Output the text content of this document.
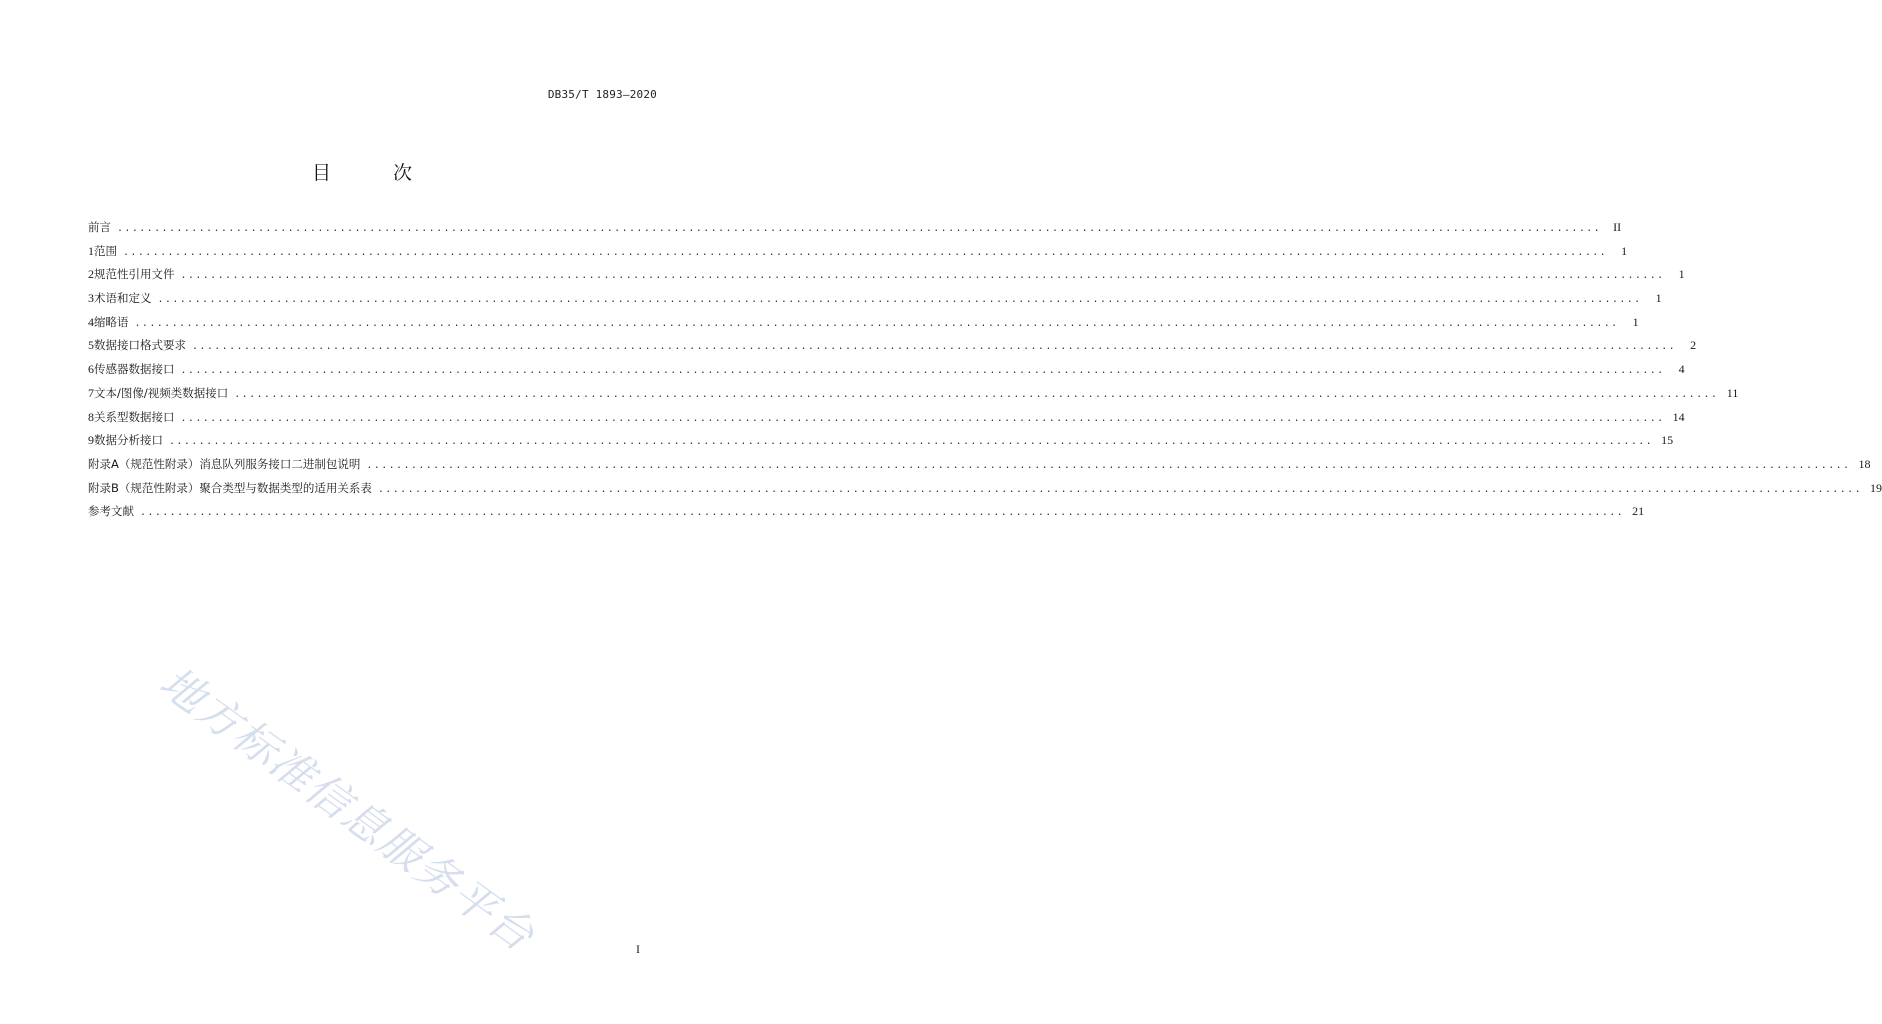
DB35/T 1893—2020
目 次
前言 ........................................................................................................................................................................................................	II
1 范围 ........................................................................................................................................................................................................	1
2 规范性引用文件 ........................................................................................................................................................................................................	1
3 术语和定义 ........................................................................................................................................................................................................	1
4 缩略语 ........................................................................................................................................................................................................	1
5 数据接口格式要求 ........................................................................................................................................................................................................	2
6 传感器数据接口 ........................................................................................................................................................................................................	4
7 文本/图像/视频类数据接口 ........................................................................................................................................................................................................ 11
8 关系型数据接口 ........................................................................................................................................................................................................ 14
9 数据分析接口 ........................................................................................................................................................................................................ 15
附录A（规范性附录） 消息队列服务接口二进制包说明 ........................................................................................................................................................................................................ 18
附录B（规范性附录） 聚合类型与数据类型的适用关系表 ........................................................................................................................................................................................................ 19
参考文献 ........................................................................................................................................................................................................ 21
地方标准信息服务平台	I
